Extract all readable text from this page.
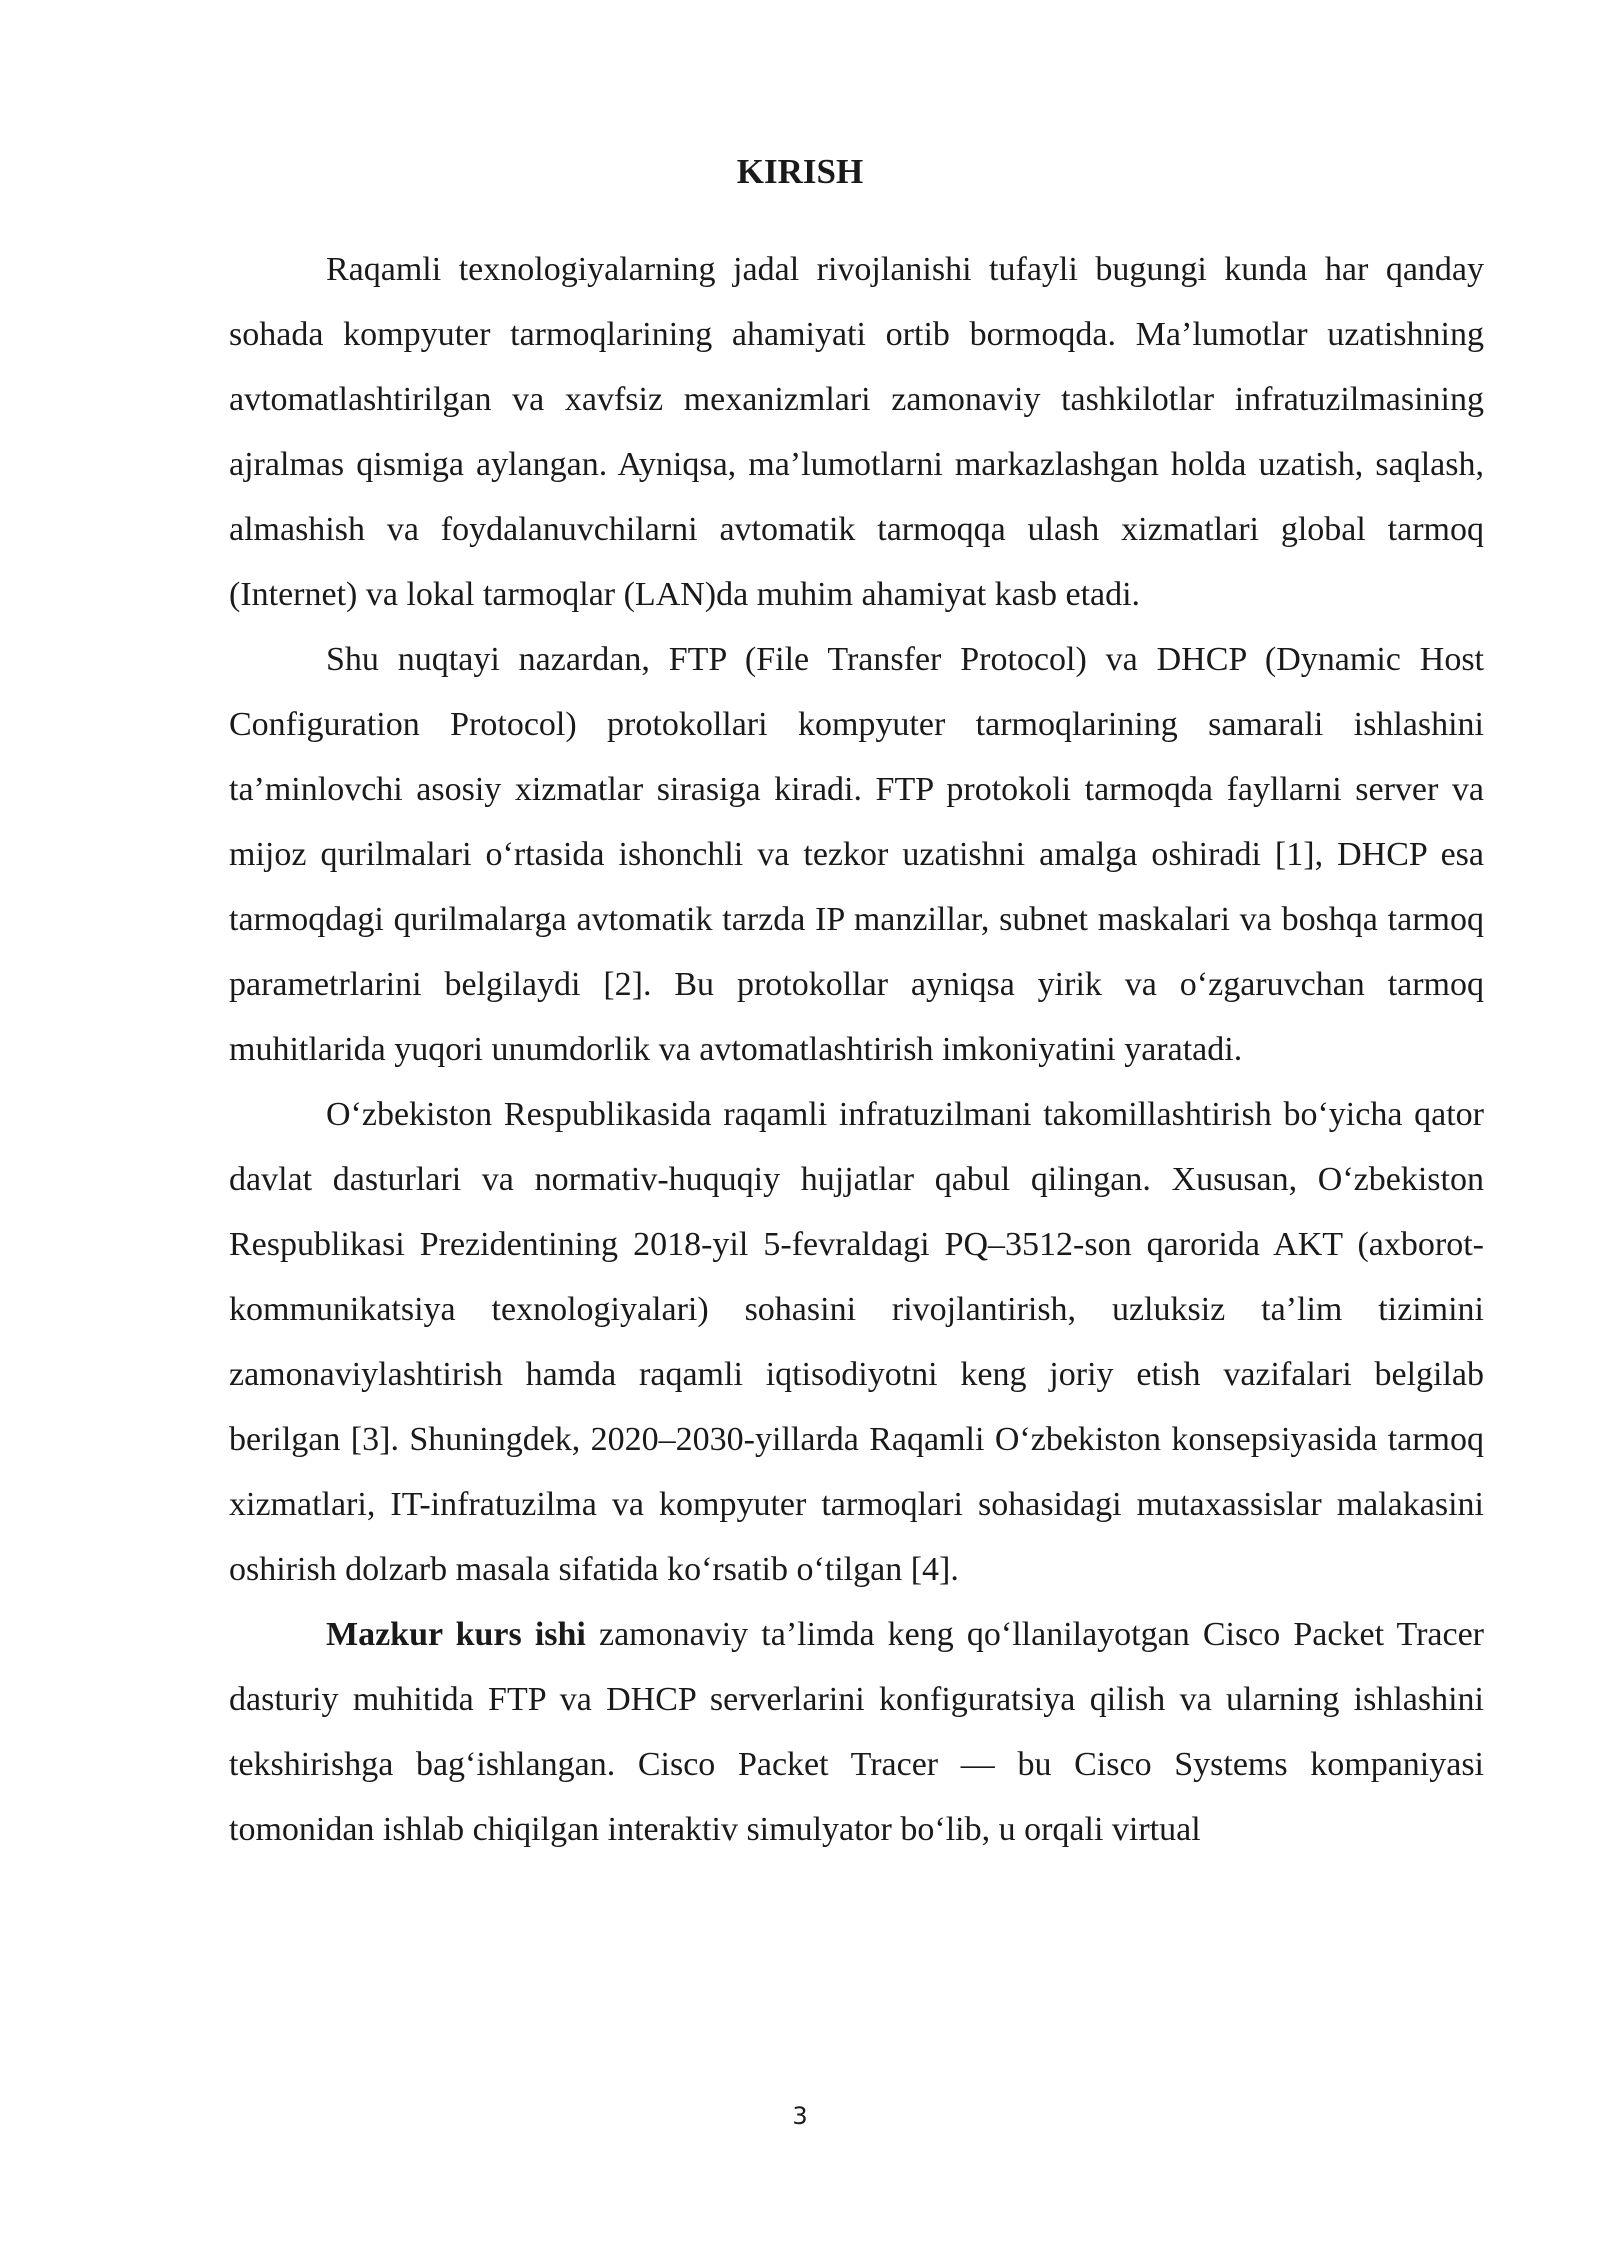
KIRISH

Raqamli texnologiyalarning jadal rivojlanishi tufayli bugungi kunda har qanday sohada kompyuter tarmoqlarining ahamiyati ortib bormoqda. Ma’lumotlar uzatishning avtomatlashtirilgan va xavfsiz mexanizmlari zamonaviy tashkilotlar infratuzilmasining ajralmas qismiga aylangan. Ayniqsa, ma’lumotlarni markazlashgan holda uzatish, saqlash, almashish va foydalanuvchilarni avtomatik tarmoqqa ulash xizmatlari global tarmoq (Internet) va lokal tarmoqlar (LAN)da muhim ahamiyat kasb etadi.

Shu nuqtayi nazardan, FTP (File Transfer Protocol) va DHCP (Dynamic Host Configuration Protocol) protokollari kompyuter tarmoqlarining samarali ishlashini ta’minlovchi asosiy xizmatlar sirasiga kiradi. FTP protokoli tarmoqda fayllarni server va mijoz qurilmalari o‘rtasida ishonchli va tezkor uzatishni amalga oshiradi [1], DHCP esa tarmoqdagi qurilmalarga avtomatik tarzda IP manzillar, subnet maskalari va boshqa tarmoq parametrlarini belgilaydi [2]. Bu protokollar ayniqsa yirik va o‘zgaruvchan tarmoq muhitlarida yuqori unumdorlik va avtomatlashtirish imkoniyatini yaratadi.

O‘zbekiston Respublikasida raqamli infratuzilmani takomillashtirish bo‘yicha qator davlat dasturlari va normativ-huquqiy hujjatlar qabul qilingan. Xususan, O‘zbekiston Respublikasi Prezidentining 2018-yil 5-fevraldagi PQ–3512-son qarorida AKT (axborot-kommunikatsiya texnologiyalari) sohasini rivojlantirish, uzluksiz ta’lim tizimini zamonaviylashtirish hamda raqamli iqtisodiyotni keng joriy etish vazifalari belgilab berilgan [3]. Shuningdek, 2020–2030-yillarda Raqamli O‘zbekiston konsepsiyasida tarmoq xizmatlari, IT-infratuzilma va kompyuter tarmoqlari sohasidagi mutaxassislar malakasini oshirish dolzarb masala sifatida ko‘rsatib o‘tilgan [4].

Mazkur kurs ishi zamonaviy ta’limda keng qo‘llanilayotgan Cisco Packet Tracer dasturiy muhitida FTP va DHCP serverlarini konfiguratsiya qilish va ularning ishlashini tekshirishga bag‘ishlangan. Cisco Packet Tracer — bu Cisco Systems kompaniyasi tomonidan ishlab chiqilgan interaktiv simulyator bo‘lib, u orqali virtual

3
